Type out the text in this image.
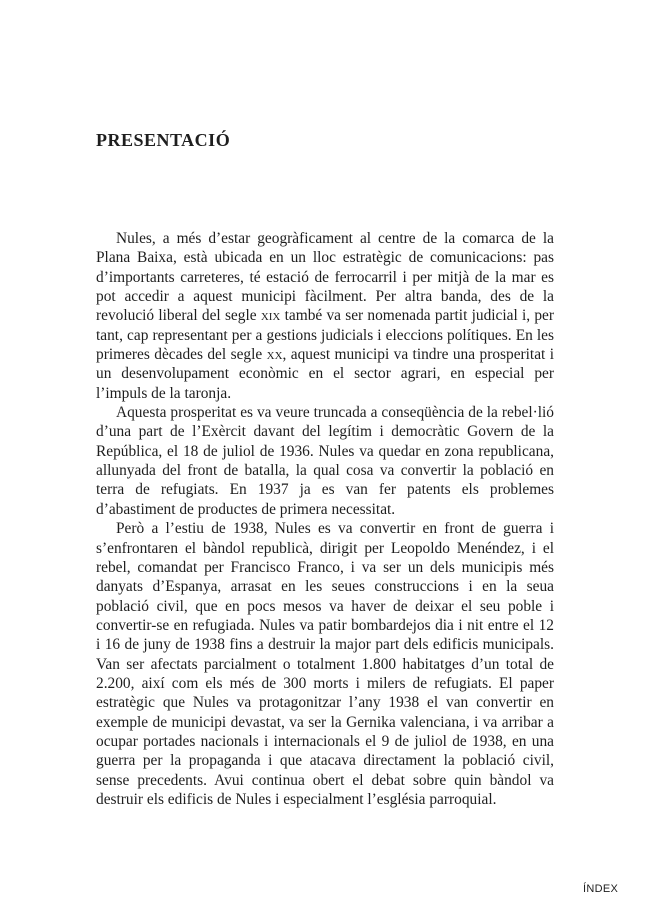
PRESENTACIÓ

Nules, a més d’estar geogràficament al centre de la comarca de la Plana Baixa, està ubicada en un lloc estratègic de comunicacions: pas d’importants carreteres, té estació de ferrocarril i per mitjà de la mar es pot accedir a aquest municipi fàcilment. Per altra banda, des de la revolució liberal del segle xix també va ser nomenada partit judicial i, per tant, cap representant per a gestions judicials i eleccions polítiques. En les primeres dècades del segle xx, aquest municipi va tindre una prosperitat i un desenvolupament econòmic en el sector agrari, en especial per l’impuls de la taronja.

Aquesta prosperitat es va veure truncada a conseqüència de la rebel·lió d’una part de l’Exèrcit davant del legítim i democràtic Govern de la República, el 18 de juliol de 1936. Nules va quedar en zona republicana, allunyada del front de batalla, la qual cosa va convertir la població en terra de refugiats. En 1937 ja es van fer patents els problemes d’abastiment de productes de primera necessitat.

Però a l’estiu de 1938, Nules es va convertir en front de guerra i s’enfrontaren el bàndol republicà, dirigit per Leopoldo Menéndez, i el rebel, comandat per Francisco Franco, i va ser un dels municipis més danyats d’Espanya, arrasat en les seues construccions i en la seua població civil, que en pocs mesos va haver de deixar el seu poble i convertir-se en refugiada. Nules va patir bombardejos dia i nit entre el 12 i 16 de juny de 1938 fins a destruir la major part dels edificis municipals. Van ser afectats parcialment o totalment 1.800 habitatges d’un total de 2.200, així com els més de 300 morts i milers de refugiats. El paper estratègic que Nules va protagonitzar l’any 1938 el van convertir en exemple de municipi devastat, va ser la Gernika valenciana, i va arribar a ocupar portades nacionals i internacionals el 9 de juliol de 1938, en una guerra per la propaganda i que atacava directament la població civil, sense precedents. Avui continua obert el debat sobre quin bàndol va destruir els edificis de Nules i especialment l’església parroquial.

ÍNDEX
